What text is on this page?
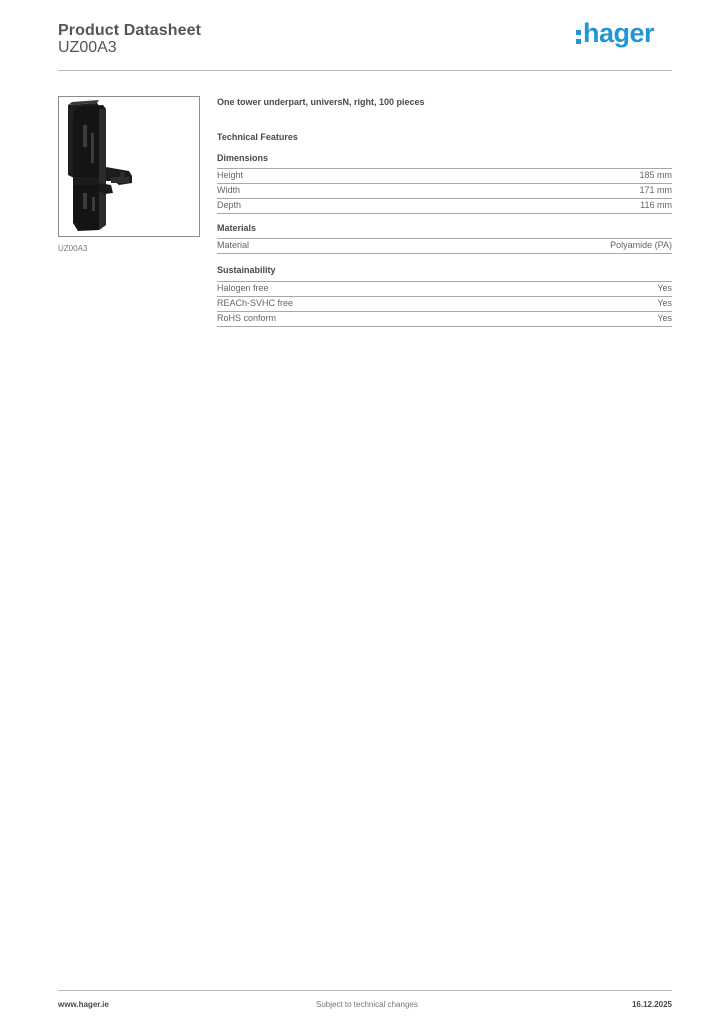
Product Datasheet
UZ00A3	hager
UZ00A3
One tower underpart, universN, right, 100 pieces
Technical Features
Dimensions
Height	185 mm
Width	171 mm
Depth	116 mm
Materials
Material	Polyamide (PA)
Sustainability
Halogen free	Yes
REACh-SVHC free	Yes
RoHS conform	Yes
www.hager.ie	Subject to technical changes	16.12.2025
